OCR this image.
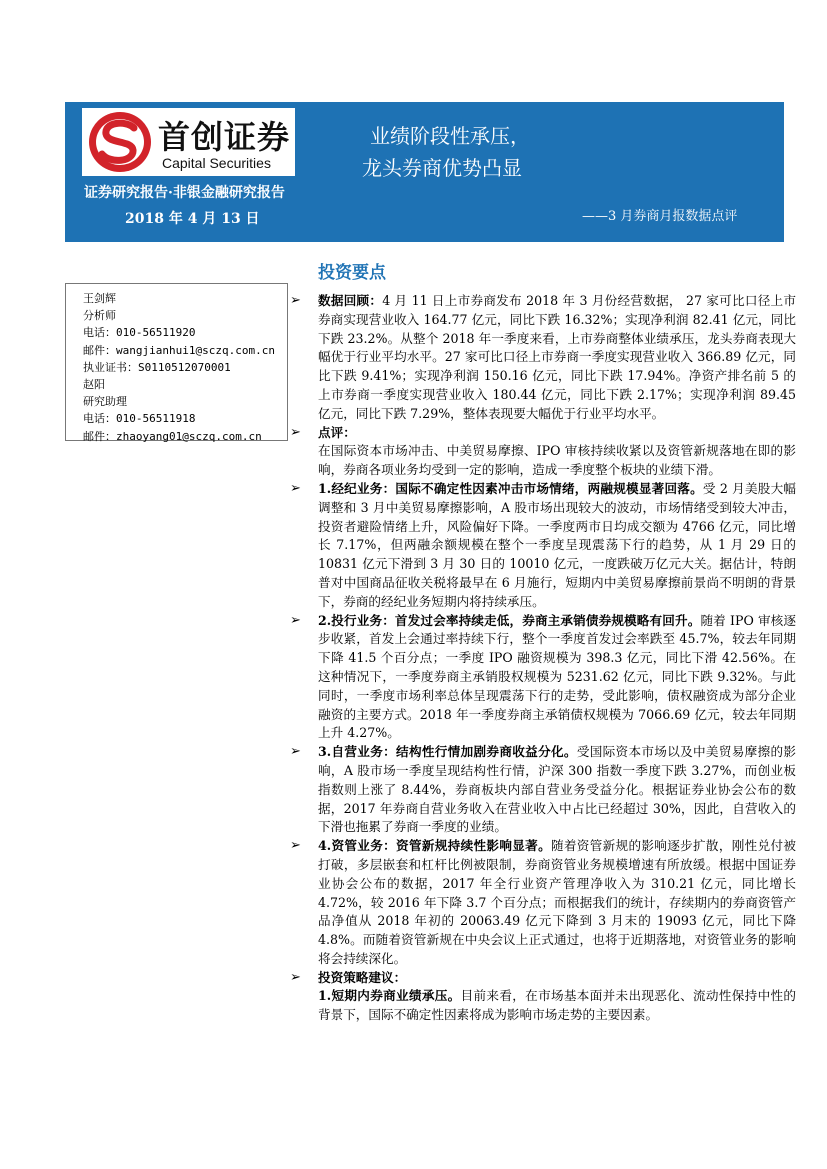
首创证券
Capital Securities
业绩阶段性承压，
龙头券商优势凸显
证券研究报告·非银金融研究报告
2018 年 4 月 13 日	——3 月券商月报数据点评
王剑辉
分析师
电话：010-56511920
邮件：wangjianhui1@sczq.com.cn
执业证书：S0110512070001
赵阳
研究助理
电话：010-56511918
邮件：zhaoyang01@sczq.com.cn
投资要点
➢ 数据回顾：4 月 11 日上市券商发布 2018 年 3 月份经营数据， 27 家可比口径上市券商实现营业收入 164.77 亿元，同比下跌 16.32%；实现净利润 82.41 亿元，同比下跌 23.2%。从整个 2018 年一季度来看，上市券商整体业绩承压，龙头券商表现大幅优于行业平均水平。27 家可比口径上市券商一季度实现营业收入 366.89 亿元，同比下跌 9.41%；实现净利润 150.16 亿元，同比下跌 17.94%。净资产排名前 5 的上市券商一季度实现营业收入 180.44 亿元，同比下跌 2.17%；实现净利润 89.45 亿元，同比下跌 7.29%，整体表现要大幅优于行业平均水平。
➢ 点评：
在国际资本市场冲击、中美贸易摩擦、IPO 审核持续收紧以及资管新规落地在即的影响，券商各项业务均受到一定的影响，造成一季度整个板块的业绩下滑。
➢ 1.经纪业务：国际不确定性因素冲击市场情绪，两融规模显著回落。受 2 月美股大幅调整和 3 月中美贸易摩擦影响，A 股市场出现较大的波动，市场情绪受到较大冲击，投资者避险情绪上升，风险偏好下降。一季度两市日均成交额为 4766 亿元，同比增长 7.17%，但两融余额规模在整个一季度呈现震荡下行的趋势，从 1 月 29 日的 10831 亿元下滑到 3 月 30 日的 10010 亿元，一度跌破万亿元大关。据估计，特朗普对中国商品征收关税将最早在 6 月施行，短期内中美贸易摩擦前景尚不明朗的背景下，券商的经纪业务短期内将持续承压。
➢ 2.投行业务：首发过会率持续走低，券商主承销债券规模略有回升。随着 IPO 审核逐步收紧，首发上会通过率持续下行，整个一季度首发过会率跌至 45.7%，较去年同期下降 41.5 个百分点；一季度 IPO 融资规模为 398.3 亿元，同比下滑 42.56%。在这种情况下，一季度券商主承销股权规模为 5231.62 亿元，同比下跌 9.32%。与此同时，一季度市场利率总体呈现震荡下行的走势，受此影响，债权融资成为部分企业融资的主要方式。2018 年一季度券商主承销债权规模为 7066.69 亿元，较去年同期上升 4.27%。
➢ 3.自营业务：结构性行情加剧券商收益分化。受国际资本市场以及中美贸易摩擦的影响，A 股市场一季度呈现结构性行情，沪深 300 指数一季度下跌 3.27%，而创业板指数则上涨了 8.44%，券商板块内部自营业务受益分化。根据证券业协会公布的数据，2017 年券商自营业务收入在营业收入中占比已经超过 30%，因此，自营收入的下滑也拖累了券商一季度的业绩。
➢ 4.资管业务：资管新规持续性影响显著。随着资管新规的影响逐步扩散，刚性兑付被打破，多层嵌套和杠杆比例被限制，券商资管业务规模增速有所放缓。根据中国证券业协会公布的数据，2017 年全行业资产管理净收入为 310.21 亿元，同比增长 4.72%，较 2016 年下降 3.7 个百分点；而根据我们的统计，存续期内的券商资管产品净值从 2018 年初的 20063.49 亿元下降到 3 月末的 19093 亿元，同比下降 4.8%。而随着资管新规在中央会议上正式通过，也将于近期落地，对资管业务的影响将会持续深化。
➢ 投资策略建议：
1.短期内券商业绩承压。目前来看，在市场基本面并未出现恶化、流动性保持中性的背景下，国际不确定性因素将成为影响市场走势的主要因素。
